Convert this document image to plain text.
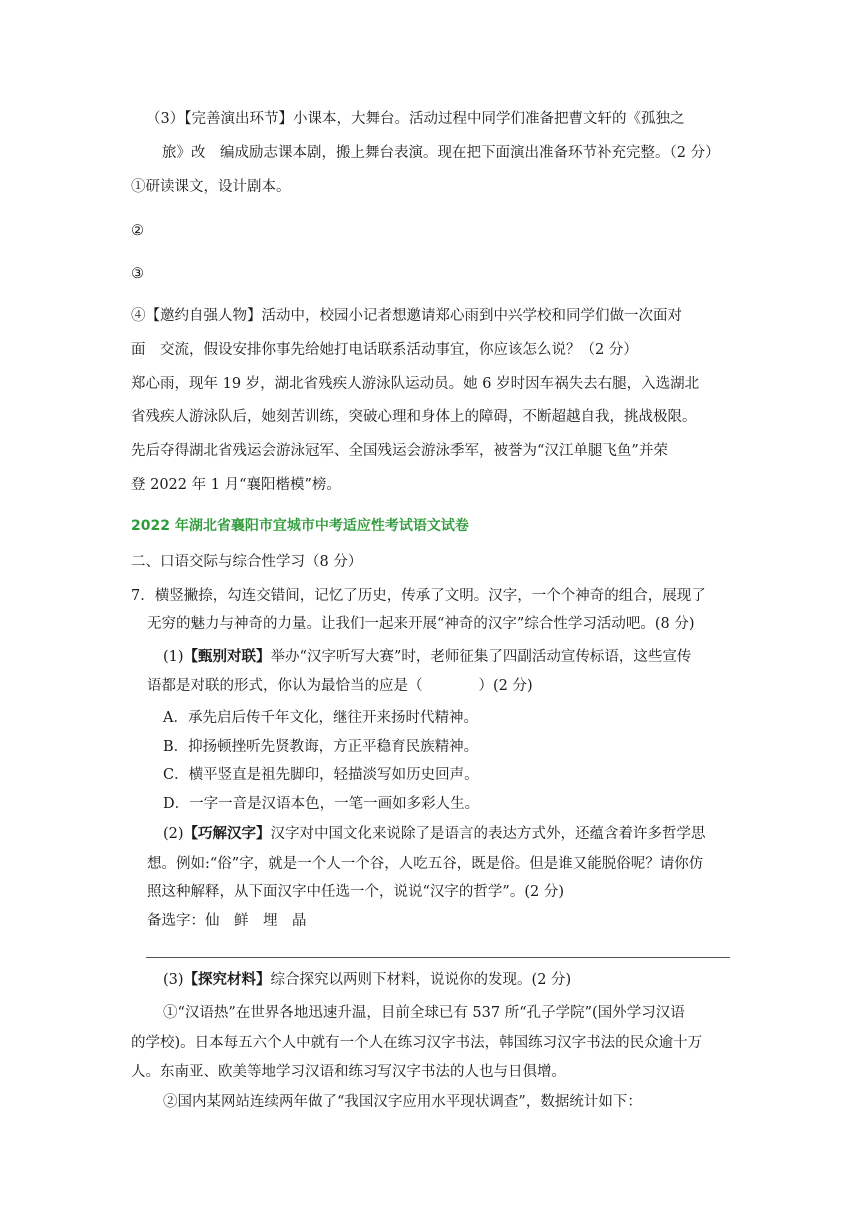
（3）【完善演出环节】小课本，大舞台。活动过程中同学们准备把曹文轩的《孤独之
旅》改　编成励志课本剧，搬上舞台表演。现在把下面演出准备环节补充完整。（2 分）
①研读课文，设计剧本。
②
③
④【邀约自强人物】活动中，校园小记者想邀请郑心雨到中兴学校和同学们做一次面对
面　交流，假设安排你事先给她打电话联系活动事宜，你应该怎么说？（2 分）
郑心雨，现年 19 岁，湖北省残疾人游泳队运动员。她 6 岁时因车祸失去右腿，入选湖北
省残疾人游泳队后，她刻苦训练，突破心理和身体上的障碍，不断超越自我，挑战极限。
先后夺得湖北省残运会游泳冠军、全国残运会游泳季军，被誉为“汉江单腿飞鱼”并荣
登 2022 年 1 月“襄阳楷模”榜。
2022 年湖北省襄阳市宜城市中考适应性考试语文试卷
二、口语交际与综合性学习（8 分）
7．横竖撇捺，勾连交错间，记忆了历史，传承了文明。汉字，一个个神奇的组合，展现了
无穷的魅力与神奇的力量。让我们一起来开展“神奇的汉字”综合性学习活动吧。(8 分)
(1)【甄别对联】举办“汉字听写大赛”时，老师征集了四副活动宣传标语，这些宣传
语都是对联的形式，你认为最恰当的应是（	）(2 分)
A．承先启后传千年文化，继往开来扬时代精神。
B．抑扬顿挫听先贤教诲，方正平稳育民族精神。
C．横平竖直是祖先脚印，轻描淡写如历史回声。
D．一字一音是汉语本色，一笔一画如多彩人生。
(2)【巧解汉字】汉字对中国文化来说除了是语言的表达方式外，还蕴含着许多哲学思
想。例如:“俗”字，就是一个人一个谷，人吃五谷，既是俗。但是谁又能脱俗呢？请你仿
照这种解释，从下面汉字中任选一个，说说“汉字的哲学”。(2 分)
备选字：仙　鲜　埋　晶
(3)【探究材料】综合探究以两则下材料，说说你的发现。(2 分)
①“汉语热”在世界各地迅速升温，目前全球已有 537 所“孔子学院”(国外学习汉语
的学校)。日本每五六个人中就有一个人在练习汉字书法，韩国练习汉字书法的民众逾十万
人。东南亚、欧美等地学习汉语和练习写汉字书法的人也与日俱增。
②国内某网站连续两年做了“我国汉字应用水平现状调查”，数据统计如下：
